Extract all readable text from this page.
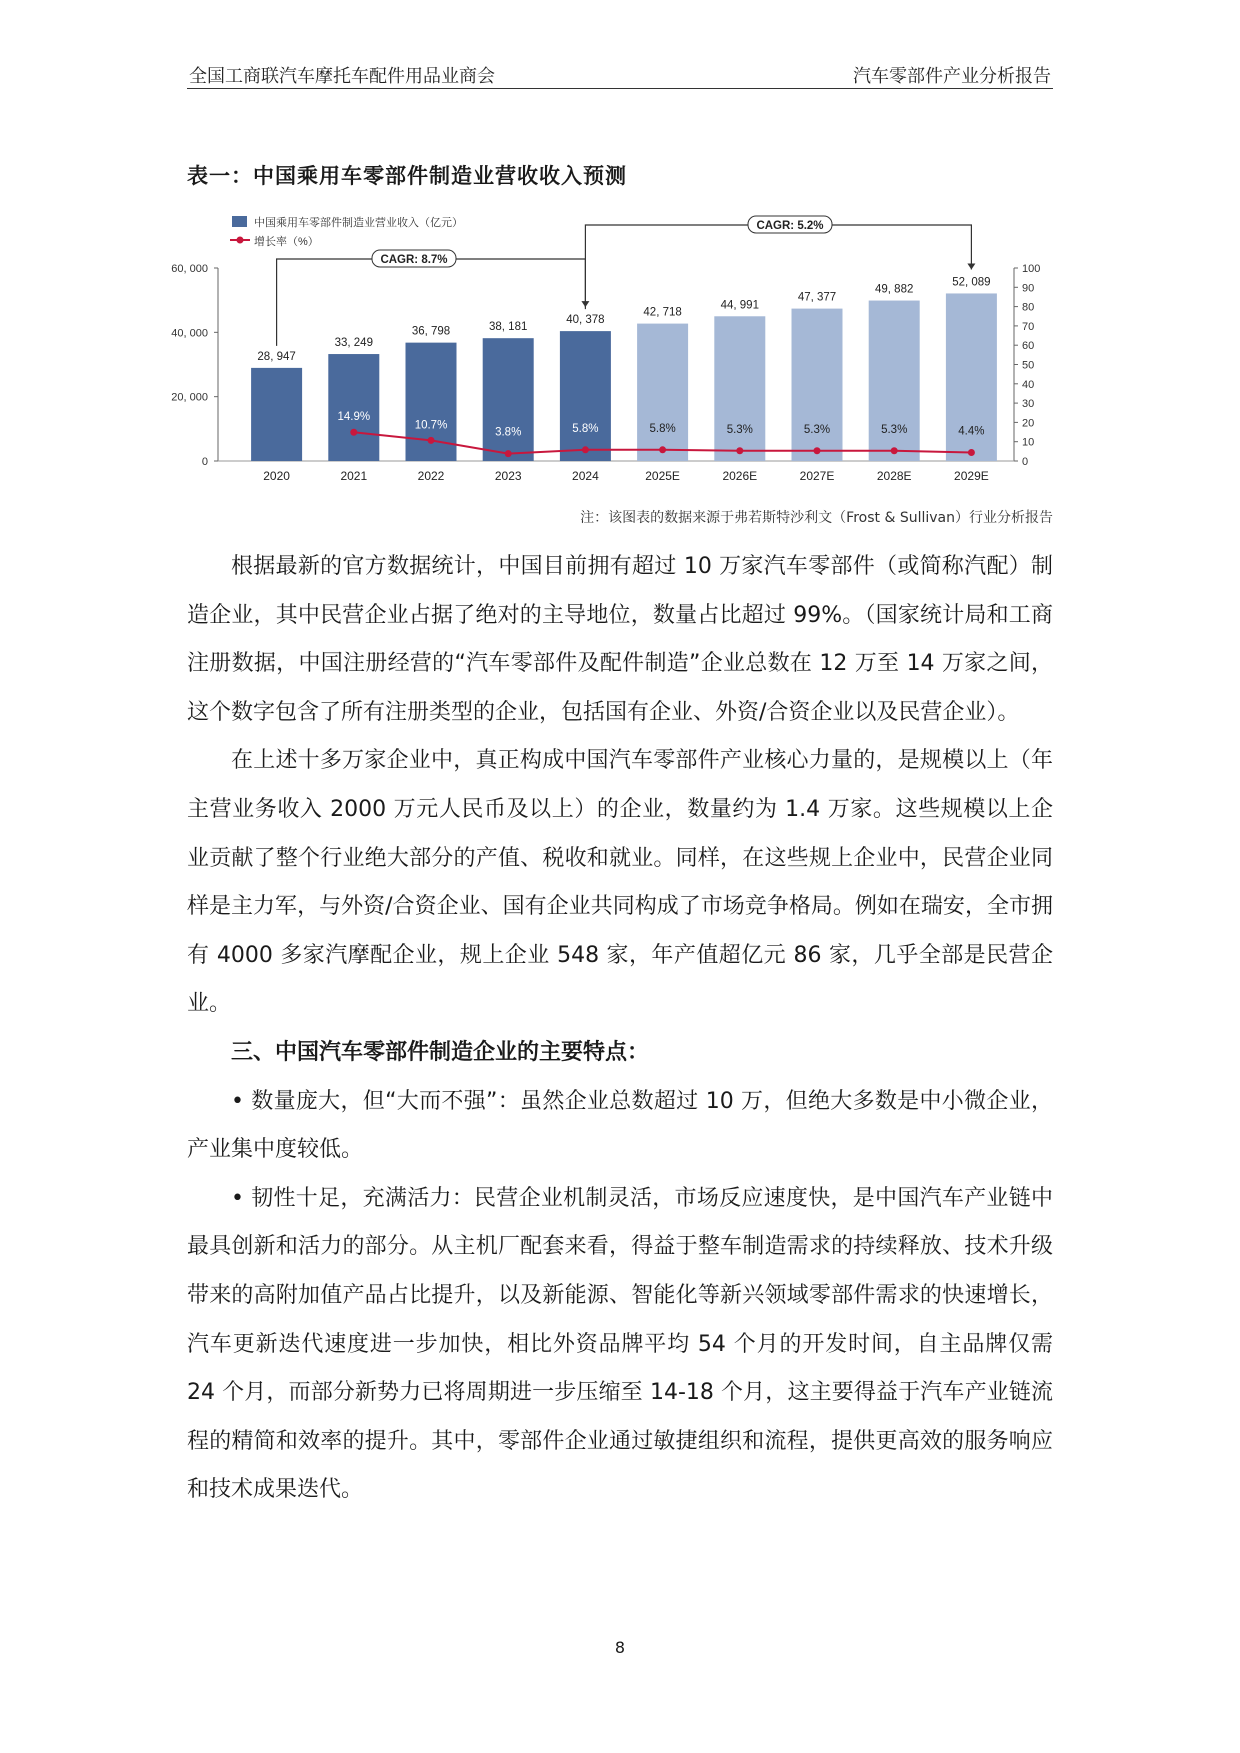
全国工商联汽车摩托车配件用品业商会	汽车零部件产业分析报告
表一：中国乘用车零部件制造业营收收入预测
中国乘用车零部件制造业营业收入（亿元）
增长率（%）
0
20, 000
40, 000
60, 000
0
10
20
30
40
50
60
70
80
90
100
28, 947
2020
33, 249
2021
36, 798
2022
38, 181
2023
40, 378
2024
42, 718
2025E
44, 991
2026E
47, 377
2027E
49, 882
2028E
52, 089
2029E
14.9%
10.7%
3.8%	5.8%	5.8%	5.3%	5.3%	5.3%	4.4%
CAGR: 8.7%
CAGR: 5.2%
注：该图表的数据来源于弗若斯特沙利文（Frost & Sullivan）行业分析报告

根据最新的官方数据统计，中国目前拥有超过 10 万家汽车零部件（或简称汽配）制造企业，其中民营企业占据了绝对的主导地位，数量占比超过 99%。（国家统计局和工商注册数据，中国注册经营的“汽车零部件及配件制造”企业总数在 12 万至 14 万家之间，这个数字包含了所有注册类型的企业，包括国有企业、外资/合资企业以及民营企业）。

在上述十多万家企业中，真正构成中国汽车零部件产业核心力量的，是规模以上（年主营业务收入 2000 万元人民币及以上）的企业，数量约为 1.4 万家。这些规模以上企业贡献了整个行业绝大部分的产值、税收和就业。同样，在这些规上企业中，民营企业同样是主力军，与外资/合资企业、国有企业共同构成了市场竞争格局。例如在瑞安，全市拥有 4000 多家汽摩配企业，规上企业 548 家，年产值超亿元 86 家，几乎全部是民营企业。

三、中国汽车零部件制造企业的主要特点：

• 数量庞大，但“大而不强”：虽然企业总数超过 10 万，但绝大多数是中小微企业，产业集中度较低。

• 韧性十足，充满活力：民营企业机制灵活，市场反应速度快，是中国汽车产业链中最具创新和活力的部分。从主机厂配套来看，得益于整车制造需求的持续释放、技术升级带来的高附加值产品占比提升，以及新能源、智能化等新兴领域零部件需求的快速增长，汽车更新迭代速度进一步加快，相比外资品牌平均 54 个月的开发时间，自主品牌仅需 24 个月，而部分新势力已将周期进一步压缩至 14-18 个月，这主要得益于汽车产业链流程的精简和效率的提升。其中，零部件企业通过敏捷组织和流程，提供更高效的服务响应和技术成果迭代。

8
